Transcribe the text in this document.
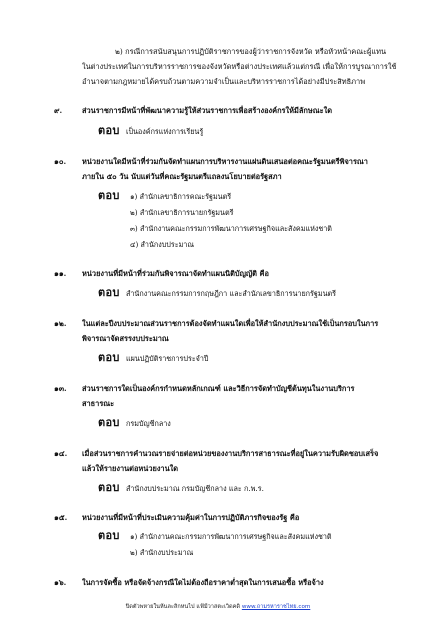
๒) กรณีการสนับสนุนการปฏิบัติราชการของผู้ว่าราชการจังหวัด หรือหัวหน้าคณะผู้แทน
ในต่างประเทศในการบริหารราชการของจังหวัดหรือต่างประเทศแล้วแต่กรณี เพื่อให้การบูรณาการใช้
อำนาจตามกฎหมายได้ครบถ้วนตามความจำเป็นและบริหารราชการได้อย่างมีประสิทธิภาพ
๙.	ส่วนราชการมีหน้าที่พัฒนาความรู้ให้ส่วนราชการเพื่อสร้างองค์กรให้มีลักษณะใด
ตอบ เป็นองค์กรแห่งการเรียนรู้
๑๐. หน่วยงานใดมีหน้าที่ร่วมกันจัดทำแผนการบริหารงานแผ่นดินเสนอต่อคณะรัฐมนตรีพิจารณา
ภายใน ๕๐ วัน นับแต่วันที่คณะรัฐมนตรีแถลงนโยบายต่อรัฐสภา
ตอบ ๑) สำนักเลขาธิการคณะรัฐมนตรี
๒) สำนักเลขาธิการนายกรัฐมนตรี
๓) สำนักงานคณะกรรมการพัฒนาการเศรษฐกิจและสังคมแห่งชาติ
๔) สำนักงบประมาณ
๑๑. หน่วยงานที่มีหน้าที่ร่วมกันพิจารณาจัดทำแผนนิติบัญญัติ คือ
ตอบ สำนักงานคณะกรรมการกฤษฎีกา และสำนักเลขาธิการนายกรัฐมนตรี
๑๒. ในแต่ละปีงบประมาณส่วนราชการต้องจัดทำแผนใดเพื่อให้สำนักงบประมาณใช้เป็นกรอบในการ
พิจารณาจัดสรรงบประมาณ
ตอบ แผนปฏิบัติราชการประจำปี
๑๓. ส่วนราชการใดเป็นองค์กรกำหนดหลักเกณฑ์ และวิธีการจัดทำบัญชีต้นทุนในงานบริการ
สาธารณะ
ตอบ กรมบัญชีกลาง
๑๔. เมื่อส่วนราชการคำนวณรายจ่ายต่อหน่วยของงานบริการสาธารณะที่อยู่ในความรับผิดชอบเสร็จ
แล้วให้รายงานต่อหน่วยงานใด
ตอบ สำนักงบประมาณ กรมบัญชีกลาง และ ก.พ.ร.
๑๕. หน่วยงานที่มีหน้าที่ประเมินความคุ้มค่าในการปฏิบัติภารกิจของรัฐ คือ
ตอบ ๑) สำนักงานคณะกรรมการพัฒนาการเศรษฐกิจและสังคมแห่งชาติ
๒) สำนักงบประมาณ
๑๖. ในการจัดซื้อ หรือจัดจ้างกรณีใดไม่ต้องถือราคาต่ำสุดในการเสนอซื้อ หรือจ้าง
ปิดตัวพหายในห้นละสิกหนไป แฟ้มีวาสตะเวิดคดิ www.ถามรหาราชไทย.com
